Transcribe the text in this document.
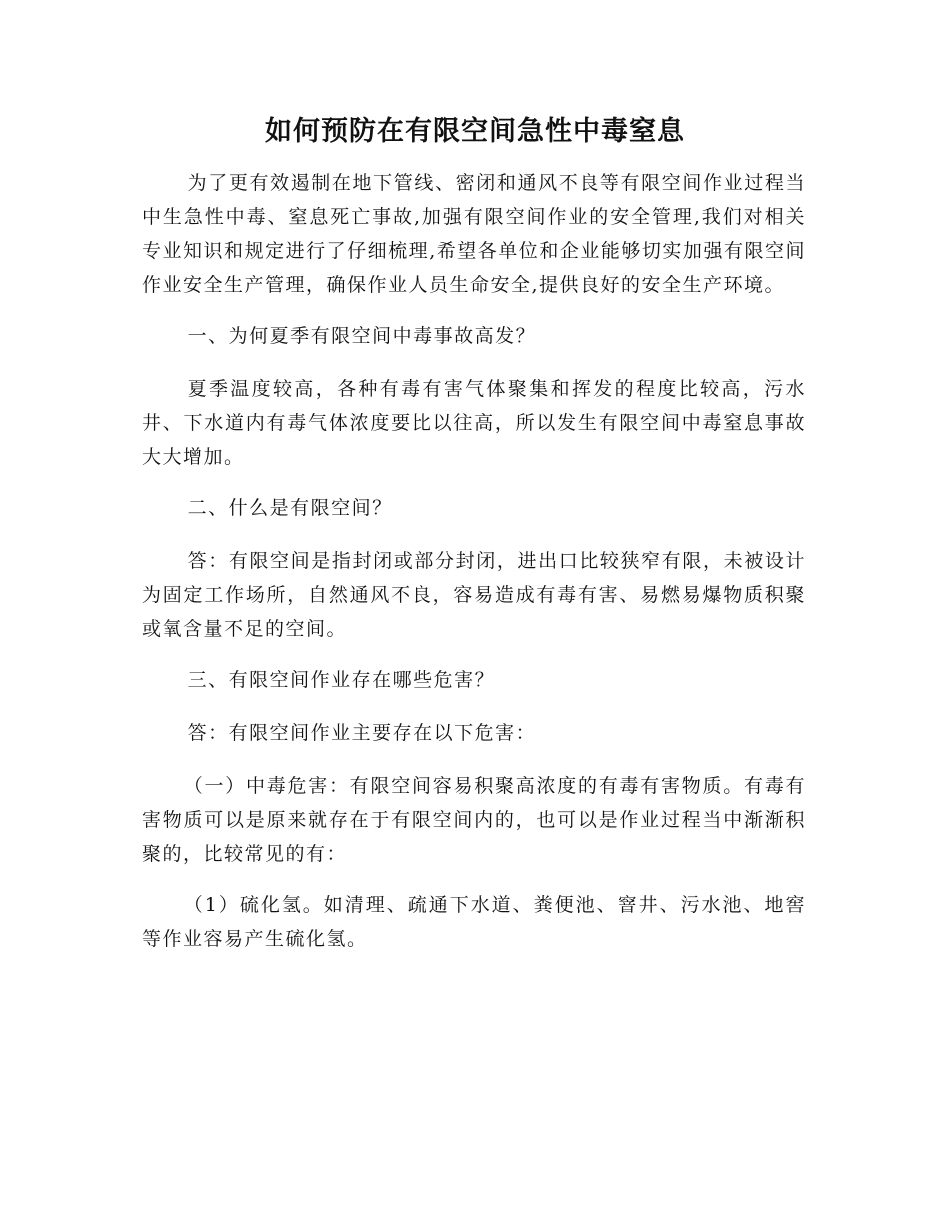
如何预防在有限空间急性中毒窒息

为了更有效遏制在地下管线、密闭和通风不良等有限空间作业过程当中生急性中毒、窒息死亡事故,加强有限空间作业的安全管理,我们对相关专业知识和规定进行了仔细梳理,希望各单位和企业能够切实加强有限空间作业安全生产管理，确保作业人员生命安全,提供良好的安全生产环境。

一、为何夏季有限空间中毒事故高发？

夏季温度较高，各种有毒有害气体聚集和挥发的程度比较高，污水井、下水道内有毒气体浓度要比以往高，所以发生有限空间中毒窒息事故大大增加。

二、什么是有限空间？

答：有限空间是指封闭或部分封闭，进出口比较狭窄有限，未被设计为固定工作场所，自然通风不良，容易造成有毒有害、易燃易爆物质积聚或氧含量不足的空间。

三、有限空间作业存在哪些危害？

答：有限空间作业主要存在以下危害：

（一）中毒危害：有限空间容易积聚高浓度的有毒有害物质。有毒有害物质可以是原来就存在于有限空间内的，也可以是作业过程当中渐渐积聚的，比较常见的有：

（1）硫化氢。如清理、疏通下水道、粪便池、窨井、污水池、地窖等作业容易产生硫化氢。
